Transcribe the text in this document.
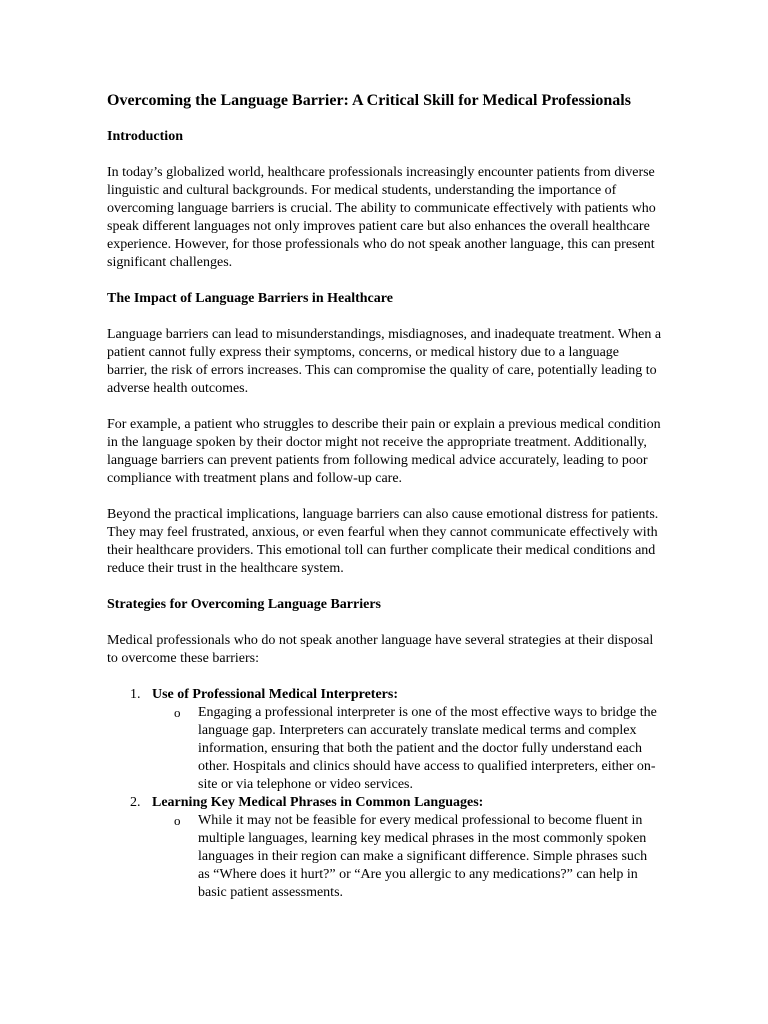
Overcoming the Language Barrier: A Critical Skill for Medical Professionals
Introduction

In today’s globalized world, healthcare professionals increasingly encounter patients from diverse linguistic and cultural backgrounds. For medical students, understanding the importance of overcoming language barriers is crucial. The ability to communicate effectively with patients who speak different languages not only improves patient care but also enhances the overall healthcare experience. However, for those professionals who do not speak another language, this can present significant challenges.

The Impact of Language Barriers in Healthcare

Language barriers can lead to misunderstandings, misdiagnoses, and inadequate treatment. When a patient cannot fully express their symptoms, concerns, or medical history due to a language barrier, the risk of errors increases. This can compromise the quality of care, potentially leading to adverse health outcomes.

For example, a patient who struggles to describe their pain or explain a previous medical condition in the language spoken by their doctor might not receive the appropriate treatment. Additionally, language barriers can prevent patients from following medical advice accurately, leading to poor compliance with treatment plans and follow-up care.

Beyond the practical implications, language barriers can also cause emotional distress for patients. They may feel frustrated, anxious, or even fearful when they cannot communicate effectively with their healthcare providers. This emotional toll can further complicate their medical conditions and reduce their trust in the healthcare system.

Strategies for Overcoming Language Barriers

Medical professionals who do not speak another language have several strategies at their disposal to overcome these barriers:

1. Use of Professional Medical Interpreters:
o Engaging a professional interpreter is one of the most effective ways to bridge the language gap. Interpreters can accurately translate medical terms and complex information, ensuring that both the patient and the doctor fully understand each other. Hospitals and clinics should have access to qualified interpreters, either on-site or via telephone or video services.
2. Learning Key Medical Phrases in Common Languages:
o While it may not be feasible for every medical professional to become fluent in multiple languages, learning key medical phrases in the most commonly spoken languages in their region can make a significant difference. Simple phrases such as “Where does it hurt?” or “Are you allergic to any medications?” can help in basic patient assessments.
